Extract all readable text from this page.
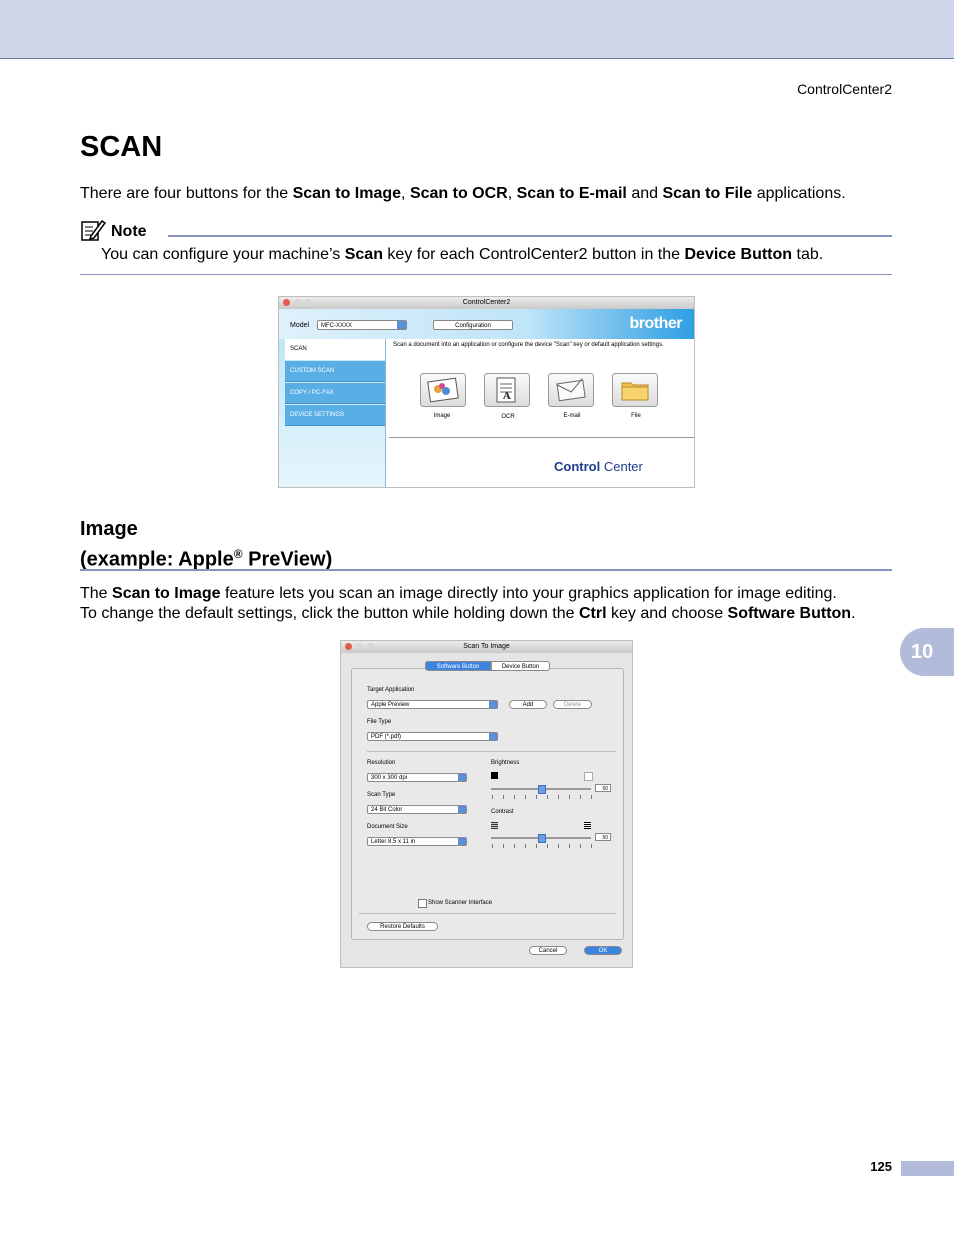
ControlCenter2
SCAN

There are four buttons for the Scan to Image, Scan to OCR, Scan to E-mail and Scan to File applications.

Note
You can configure your machine’s Scan key for each ControlCenter2 button in the Device Button tab.
ControlCenter2
Model	MFC-XXXX	Configuration	brother
SCAN
CUSTOM SCAN
COPY / PC-FAX
DEVICE SETTINGS
Scan a document into an application or configure the device "Scan" key or default application settings.
A
Image	OCR	E-mail	File
Control Center
Image
(example: Apple® PreView)

The Scan to Image feature lets you scan an image directly into your graphics application for image editing.
To change the default settings, click the button while holding down the Ctrl key and choose Software Button.

10
Scan To Image
Software Button	Device Button
Target Application
Apple Preview	Add	Delete
File Type
PDF (*.pdf)
Resolution
300 x 300 dpi
Scan Type
24 Bit Color
Document Size
Letter 8.5 x 11 in
Brightness
50
Contrast
50
Show Scanner Interface
Restore Defaults
Cancel	OK
125
